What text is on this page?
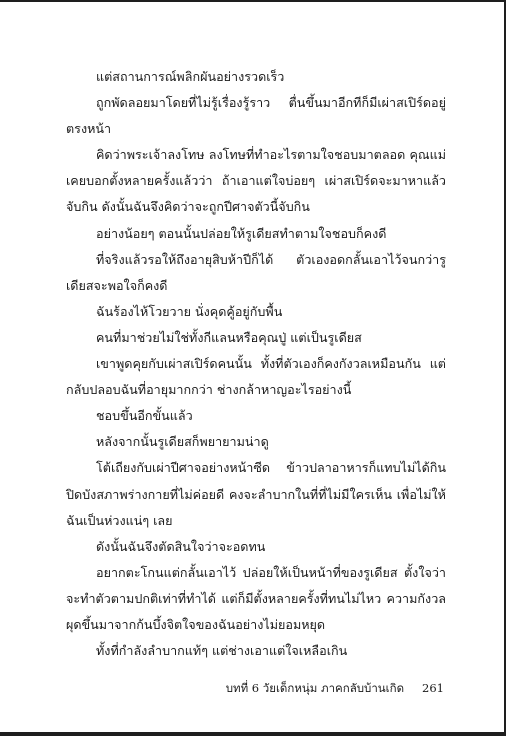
แต่สถานการณ์พลิกผันอย่างรวดเร็ว

ถูกพัดลอยมาโดยที่ไม่รู้เรื่องรู้ราว ตื่นขึ้นมาอีกทีก็มีเผ่าสเปิร์ดอยู่ตรงหน้า

คิดว่าพระเจ้าลงโทษ ลงโทษที่ทำอะไรตามใจชอบมาตลอด คุณแม่เคยบอกตั้งหลายครั้งแล้วว่า ถ้าเอาแต่ใจบ่อยๆ เผ่าสเปิร์ดจะมาหาแล้วจับกิน ดังนั้นฉันจึงคิดว่าจะถูกปีศาจตัวนี้จับกิน

อย่างน้อยๆ ตอนนั้นปล่อยให้รูเดียสทำตามใจชอบก็คงดี

ที่จริงแล้วรอให้ถึงอายุสิบห้าปีก็ได้ ตัวเองอดกลั้นเอาไว้จนกว่ารูเดียสจะพอใจก็คงดี

ฉันร้องไห้โวยวาย นั่งคุดคู้อยู่กับพื้น

คนที่มาช่วยไม่ใช่ทั้งกีแลนหรือคุณปู่ แต่เป็นรูเดียส

เขาพูดคุยกับเผ่าสเปิร์ดคนนั้น ทั้งที่ตัวเองก็คงกังวลเหมือนกัน แต่กลับปลอบฉันที่อายุมากกว่า ช่างกล้าหาญอะไรอย่างนี้

ชอบขึ้นอีกขั้นแล้ว

หลังจากนั้นรูเดียสก็พยายามน่าดู

โต้เถียงกับเผ่าปีศาจอย่างหน้าซีด ข้าวปลาอาหารก็แทบไม่ได้กิน ปิดบังสภาพร่างกายที่ไม่ค่อยดี คงจะลำบากในที่ที่ไม่มีใครเห็น เพื่อไม่ให้ฉันเป็นห่วงแน่ๆ เลย

ดังนั้นฉันจึงตัดสินใจว่าจะอดทน

อยากตะโกนแต่กลั้นเอาไว้ ปล่อยให้เป็นหน้าที่ของรูเดียส ตั้งใจว่าจะทำตัวตามปกติเท่าที่ทำได้ แต่ก็มีตั้งหลายครั้งที่ทนไม่ไหว ความกังวลผุดขึ้นมาจากก้นบึ้งจิตใจของฉันอย่างไม่ยอมหยุด

ทั้งที่กำลังลำบากแท้ๆ แต่ช่างเอาแต่ใจเหลือเกิน

บทที่ 6 วัยเด็กหนุ่ม ภาคกลับบ้านเกิด 261
